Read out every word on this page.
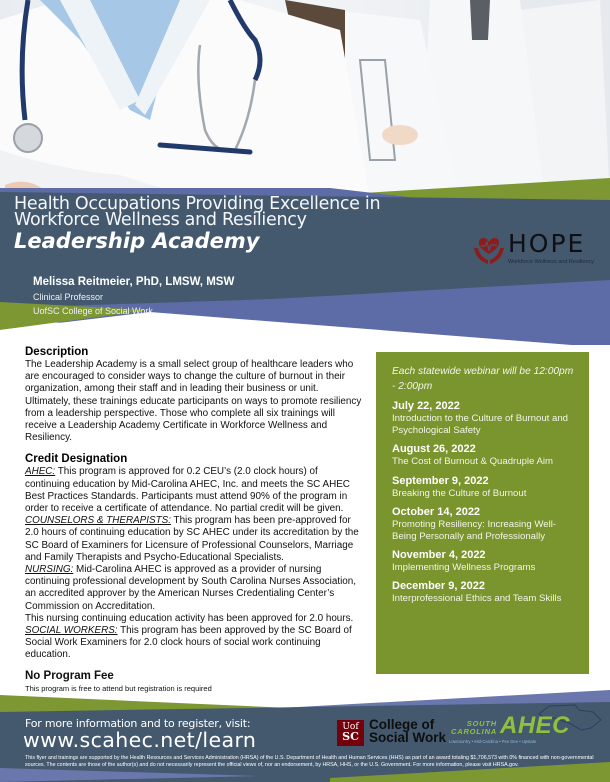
Health Occupations Providing Excellence in
Workforce Wellness and Resiliency
Leadership Academy
Melissa Reitmeier, PhD, LMSW, MSW
Clinical Professor
UofSC College of Social Work
HOPE
Workforce Wellness and Resiliency
Description
The Leadership Academy is a small select group of healthcare leaders who are encouraged to consider ways to change the culture of burnout in their organization, among their staff and in leading their business or unit. Ultimately, these trainings educate participants on ways to promote resiliency from a leadership perspective. Those who complete all six trainings will receive a Leadership Academy Certificate in Workforce Wellness and Resiliency.
Credit Designation
AHEC: This program is approved for 0.2 CEU’s (2.0 clock hours) of continuing education by Mid-Carolina AHEC, Inc. and meets the SC AHEC Best Practices Standards. Participants must attend 90% of the program in order to receive a certificate of attendance. No partial credit will be given.
COUNSELORS & THERAPISTS: This program has been pre-approved for 2.0 hours of continuing education by SC AHEC under its accreditation by the SC Board of Examiners for Licensure of Professional Counselors, Marriage and Family Therapists and Psycho-Educational Specialists.
NURSING: Mid-Carolina AHEC is approved as a provider of nursing continuing professional development by South Carolina Nurses Association, an accredited approver by the American Nurses Credentialing Center’s Commission on Accreditation.
This nursing continuing education activity has been approved for 2.0 hours.
SOCIAL WORKERS: This program has been approved by the SC Board of Social Work Examiners for 2.0 clock hours of social work continuing education.
No Program Fee
This program is free to attend but registration is required
Each statewide webinar will be 12:00pm - 2:00pm
July 22, 2022
Introduction to the Culture of Burnout and Psychological Safety
August 26, 2022
The Cost of Burnout & Quadruple Aim
September 9, 2022
Breaking the Culture of Burnout
October 14, 2022
Promoting Resiliency: Increasing Well-Being Personally and Professionally
November 4, 2022
Implementing Wellness Programs
December 9, 2022
Interprofessional Ethics and Team Skills
For more information and to register, visit:
www.scahec.net/learn
This flyer and trainings are supported by the Health Resources and Services Administration (HRSA) of the U.S. Department of Health and Human Services (HHS) as part of an award totaling $1,706,573 with 0% financed with non-governmental sources. The contents are those of the author(s) and do not necessarily represent the official views of, nor an endorsement, by HRSA, HHS, or the U.S. Government. For more information, please visit HRSA.gov.
Uof
SC
College of
Social Work
SOUTH
CAROLINA AHEC
Lowcountry • Mid-Carolina • Pee Dee • Upstate
